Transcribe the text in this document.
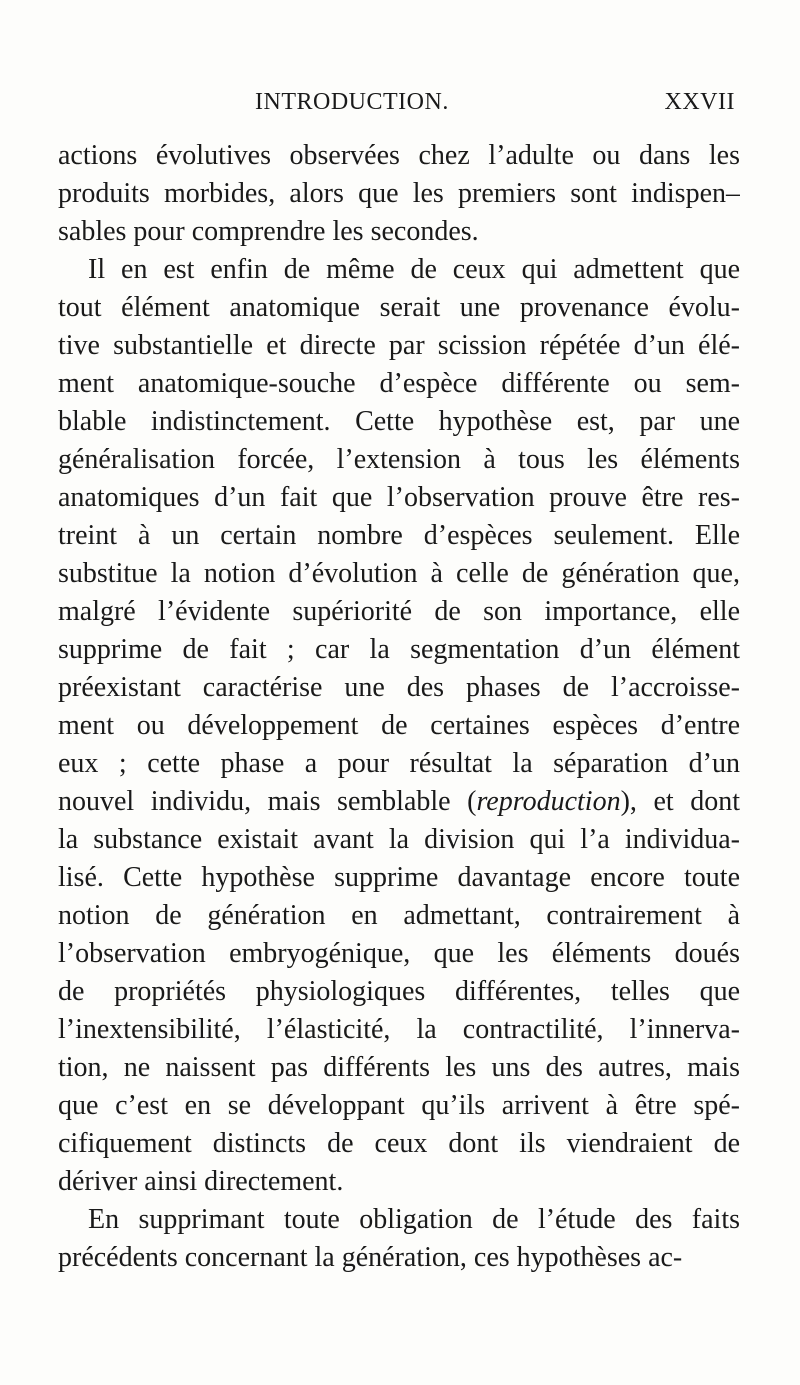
INTRODUCTION.	XXVII
actions évolutives observées chez l’adulte ou dans les
produits morbides, alors que les premiers sont indispen–
sables pour comprendre les secondes.
Il en est enfin de même de ceux qui admettent que
tout élément anatomique serait une provenance évolu-
tive substantielle et directe par scission répétée d’un élé-
ment anatomique-souche d’espèce différente ou sem-
blable indistinctement. Cette hypothèse est, par une
généralisation forcée, l’extension à tous les éléments
anatomiques d’un fait que l’observation prouve être res-
treint à un certain nombre d’espèces seulement. Elle
substitue la notion d’évolution à celle de génération que,
malgré l’évidente supériorité de son importance, elle
supprime de fait ; car la segmentation d’un élément
préexistant caractérise une des phases de l’accroisse-
ment ou développement de certaines espèces d’entre
eux ; cette phase a pour résultat la séparation d’un
nouvel individu, mais semblable (reproduction), et dont
la substance existait avant la division qui l’a individua-
lisé. Cette hypothèse supprime davantage encore toute
notion de génération en admettant, contrairement à
l’observation embryogénique, que les éléments doués
de propriétés physiologiques différentes, telles que
l’inextensibilité, l’élasticité, la contractilité, l’innerva-
tion, ne naissent pas différents les uns des autres, mais
que c’est en se développant qu’ils arrivent à être spé-
cifiquement distincts de ceux dont ils viendraient de
dériver ainsi directement.
En supprimant toute obligation de l’étude des faits
précédents concernant la génération, ces hypothèses ac-
